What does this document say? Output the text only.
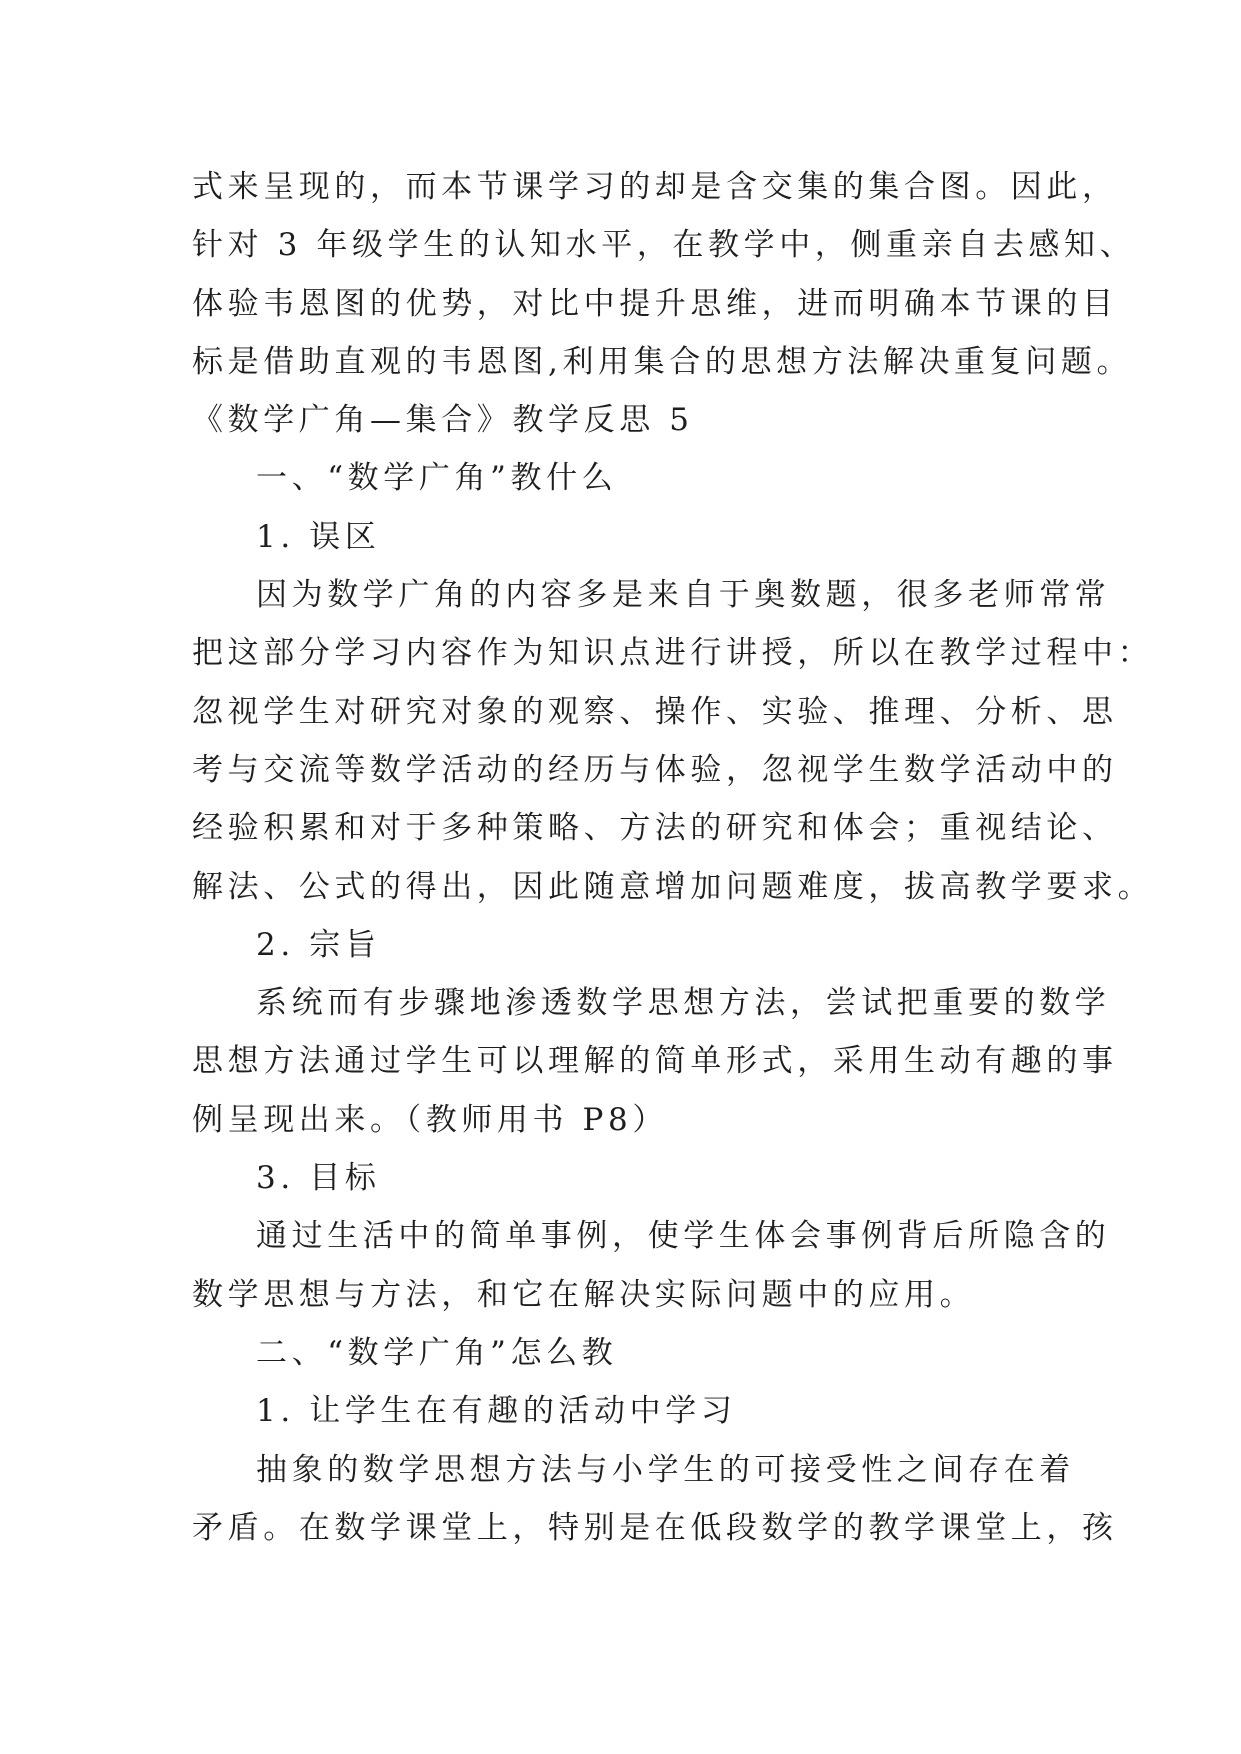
式来呈现的，而本节课学习的却是含交集的集合图。因此，
针对 3 年级学生的认知水平，在教学中，侧重亲自去感知、
体验韦恩图的优势，对比中提升思维，进而明确本节课的目
标是借助直观的韦恩图,利用集合的思想方法解决重复问题。
《数学广角—集合》教学反思 5
一、“数学广角”教什么
1. 误区
因为数学广角的内容多是来自于奥数题，很多老师常常
把这部分学习内容作为知识点进行讲授，所以在教学过程中：
忽视学生对研究对象的观察、操作、实验、推理、分析、思
考与交流等数学活动的经历与体验，忽视学生数学活动中的
经验积累和对于多种策略、方法的研究和体会；重视结论、
解法、公式的得出，因此随意增加问题难度，拔高教学要求。
2. 宗旨
系统而有步骤地渗透数学思想方法，尝试把重要的数学
思想方法通过学生可以理解的简单形式，采用生动有趣的事
例呈现出来。（教师用书 P8）
3. 目标
通过生活中的简单事例，使学生体会事例背后所隐含的
数学思想与方法，和它在解决实际问题中的应用。
二、“数学广角”怎么教
1. 让学生在有趣的活动中学习
抽象的数学思想方法与小学生的可接受性之间存在着
矛盾。在数学课堂上，特别是在低段数学的教学课堂上，孩
